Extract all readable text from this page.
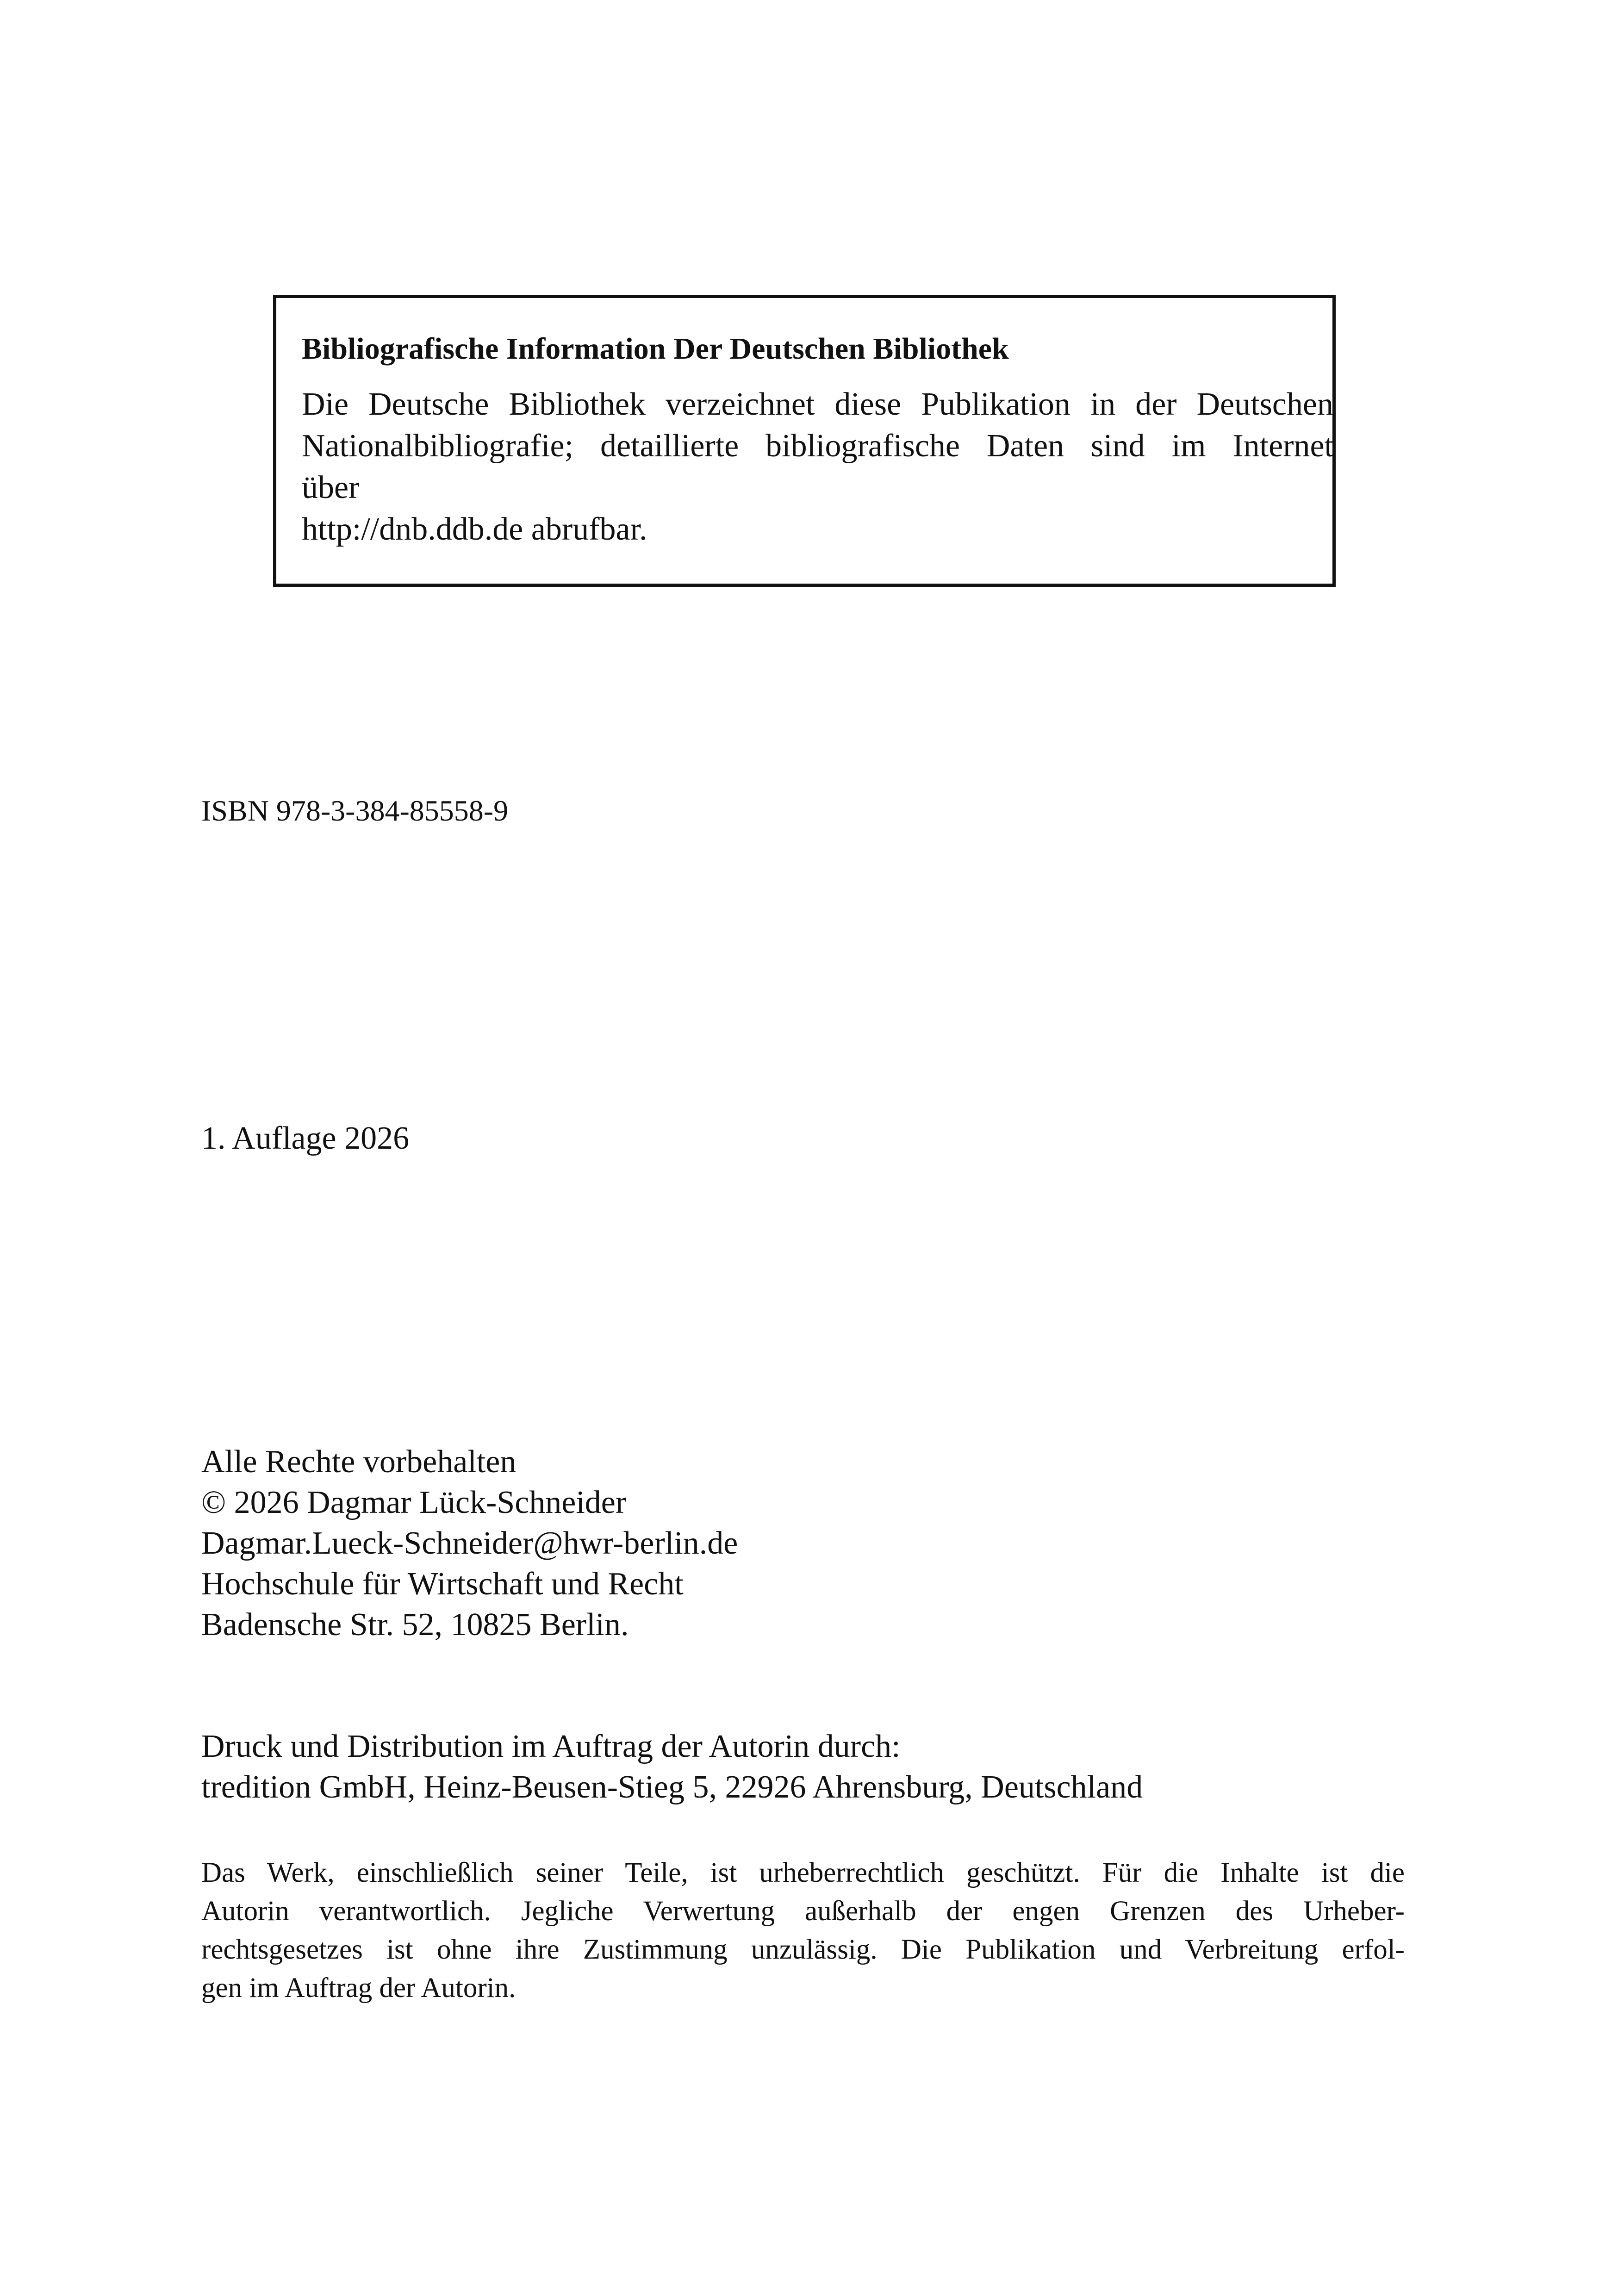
Bibliografische Information Der Deutschen Bibliothek
Die Deutsche Bibliothek verzeichnet diese Publikation in der Deutschen
Nationalbibliografie; detaillierte bibliografische Daten sind im Internet
über
http://dnb.ddb.de abrufbar.
ISBN 978-3-384-85558-9
1. Auflage 2026
Alle Rechte vorbehalten
© 2026 Dagmar Lück-Schneider
Dagmar.Lueck-Schneider@hwr-berlin.de
Hochschule für Wirtschaft und Recht
Badensche Str. 52, 10825 Berlin.
Druck und Distribution im Auftrag der Autorin durch:
tredition GmbH, Heinz-Beusen-Stieg 5, 22926 Ahrensburg, Deutschland
Das Werk, einschließlich seiner Teile, ist urheberrechtlich geschützt. Für die Inhalte ist die
Autorin verantwortlich. Jegliche Verwertung außerhalb der engen Grenzen des Urheber-
rechtsgesetzes ist ohne ihre Zustimmung unzulässig. Die Publikation und Verbreitung erfol-
gen im Auftrag der Autorin.
